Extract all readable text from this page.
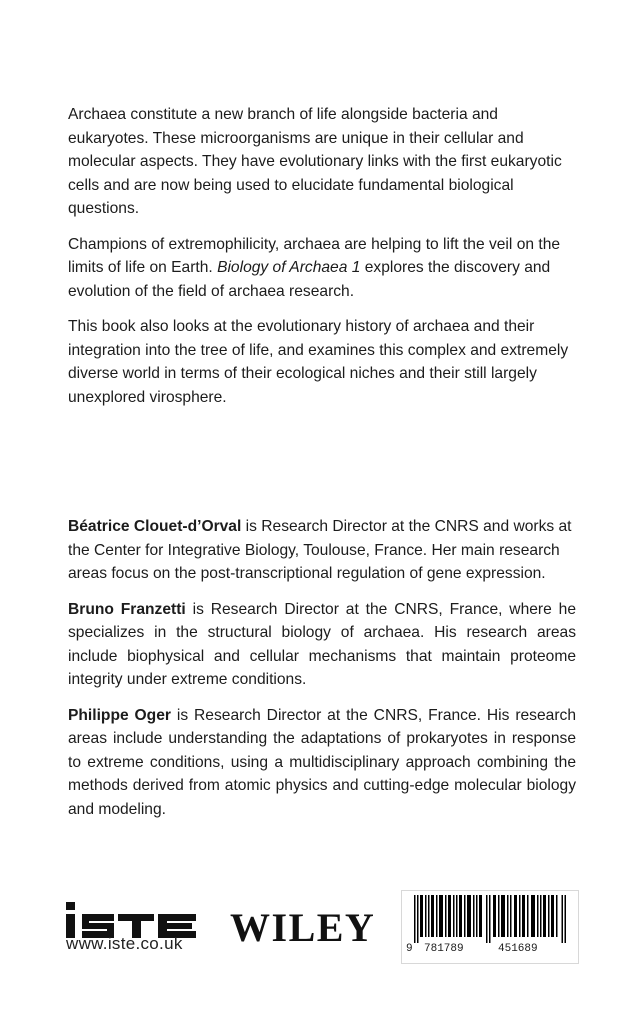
Archaea constitute a new branch of life alongside bacteria and eukaryotes. These microorganisms are unique in their cellular and molecular aspects. They have evolutionary links with the first eukaryotic cells and are now being used to elucidate fundamental biological questions.

Champions of extremophilicity, archaea are helping to lift the veil on the limits of life on Earth. Biology of Archaea 1 explores the discovery and evolution of the field of archaea research.

This book also looks at the evolutionary history of archaea and their integration into the tree of life, and examines this complex and extremely diverse world in terms of their ecological niches and their still largely unexplored virosphere.

Béatrice Clouet-d’Orval is Research Director at the CNRS and works at the Center for Integrative Biology, Toulouse, France. Her main research areas focus on the post-transcriptional regulation of gene expression.

Bruno Franzetti is Research Director at the CNRS, France, where he specializes in the structural biology of archaea. His research areas include biophysical and cellular mechanisms that maintain proteome integrity under extreme conditions.

Philippe Oger is Research Director at the CNRS, France. His research areas include understanding the adaptations of prokaryotes in response to extreme conditions, using a multidisciplinary approach combining the methods derived from atomic physics and cutting-edge molecular biology and modeling.

www.iste.co.uk WILEY	9 781789	451689
